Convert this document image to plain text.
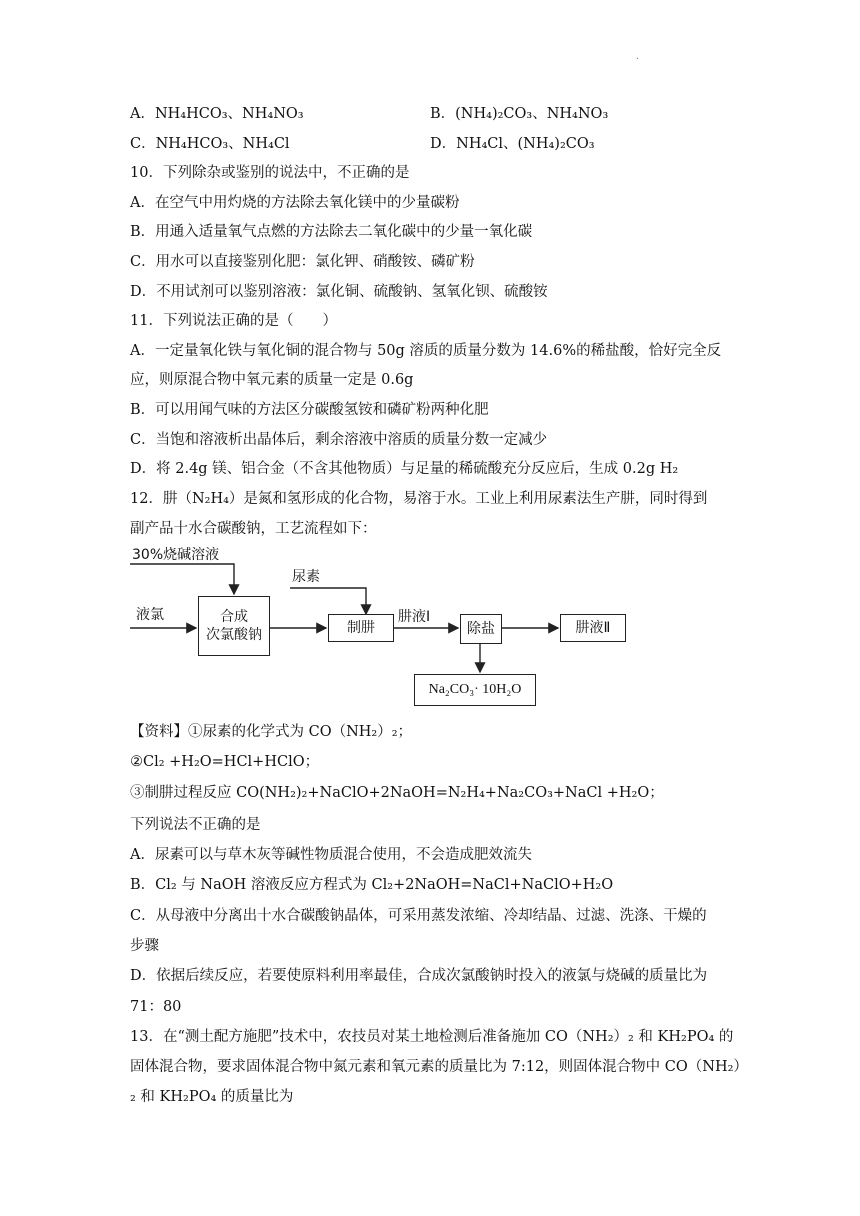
.
A．NH₄HCO₃、NH₄NO₃	B．(NH₄)₂CO₃、NH₄NO₃
C．NH₄HCO₃、NH₄Cl	D．NH₄Cl、(NH₄)₂CO₃
10．下列除杂或鉴别的说法中，不正确的是
A．在空气中用灼烧的方法除去氧化镁中的少量碳粉
B．用通入适量氧气点燃的方法除去二氧化碳中的少量一氧化碳
C．用水可以直接鉴别化肥：氯化钾、硝酸铵、磷矿粉
D．不用试剂可以鉴别溶液：氯化铜、硫酸钠、氢氧化钡、硫酸铵
11．下列说法正确的是（　　）
A．一定量氧化铁与氧化铜的混合物与 50g 溶质的质量分数为 14.6%的稀盐酸，恰好完全反
应，则原混合物中氧元素的质量一定是 0.6g
B．可以用闻气味的方法区分碳酸氢铵和磷矿粉两种化肥
C．当饱和溶液析出晶体后，剩余溶液中溶质的质量分数一定减少
D．将 2.4g 镁、铝合金（不含其他物质）与足量的稀硫酸充分反应后，生成 0.2g H₂
12．肼（N₂H₄）是氮和氢形成的化合物，易溶于水。工业上利用尿素法生产肼，同时得到
副产品十水合碳酸钠，工艺流程如下：
30%烧碱溶液
尿素
液氯	合成
次氯酸钠	制肼
肼液Ⅰ
除盐	肼液Ⅱ
Na₂CO₃· 10H₂O
【资料】①尿素的化学式为 CO（NH₂）₂；
②Cl₂ +H₂O=HCl+HClO；
③制肼过程反应 CO(NH₂)₂+NaClO+2NaOH=N₂H₄+Na₂CO₃+NaCl +H₂O；
下列说法不正确的是
A．尿素可以与草木灰等碱性物质混合使用，不会造成肥效流失
B．Cl₂ 与 NaOH 溶液反应方程式为 Cl₂+2NaOH=NaCl+NaClO+H₂O
C．从母液中分离出十水合碳酸钠晶体，可采用蒸发浓缩、冷却结晶、过滤、洗涤、干燥的
步骤
D．依据后续反应，若要使原料利用率最佳，合成次氯酸钠时投入的液氯与烧碱的质量比为
71：80
13．在“测土配方施肥”技术中，农技员对某土地检测后准备施加 CO（NH₂）₂ 和 KH₂PO₄ 的
固体混合物，要求固体混合物中氮元素和氧元素的质量比为 7:12，则固体混合物中 CO（NH₂）
₂ 和 KH₂PO₄ 的质量比为
